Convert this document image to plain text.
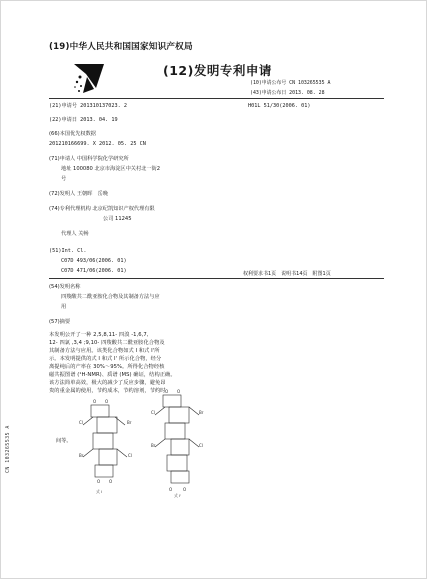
(19)中华人民共和国国家知识产权局
(12)发明专利申请
(10)申请公布号 CN 103265535 A
(43)申请公布日 2013. 08. 28
(21)申请号 201310137023. 2	H01L 51/30(2006. 01)
(22)申请日 2013. 04. 19
(66)本国优先权数据
201210166699. X 2012. 05. 25 CN
(71)申请人 中国科学院化学研究所
地址 100080 北京市海淀区中关村北一街2
号
(72)发明人 王朝晖　岳晚
(74)专利代理机构 北京纪凯知识产权代理有限
公司 11245
代理人 关畅
(51)Int. Cl.
C07D 493/06(2006. 01)
C07D 471/06(2006. 01)	权利要求书1页　说明书14页　附图1页
(54)发明名称
四羧酸共二酰亚胺化合物及其制备方法与应
用
(57)摘要
本发明公开了一种 2,5,8,11- 四溴 -1,6,7,
12- 四氯 ,3,4 ;9,10- 四羧酸共二酰亚胺化合物及
其制备方法与应用。该类化合物如式 I 和式 I'所
示。本发明提供的式 I 和式 I' 所示化合物，经分
离提纯后的产率在 30%～95%。所得化合物经核
磁共振图谱 (¹H-NMR)、质谱 (MS) 确证，结构正确。
该方法简单高效，极大的减少了反应步骤，避免昂
贵的重金属的使用，节约成本，节约溶剂，节约时
间等。
O O
Cl	Br
Br	Cl
O O
O O
Cl	Br
Br	Cl
O	O
式 I
式 I'
CN 103265535 A
